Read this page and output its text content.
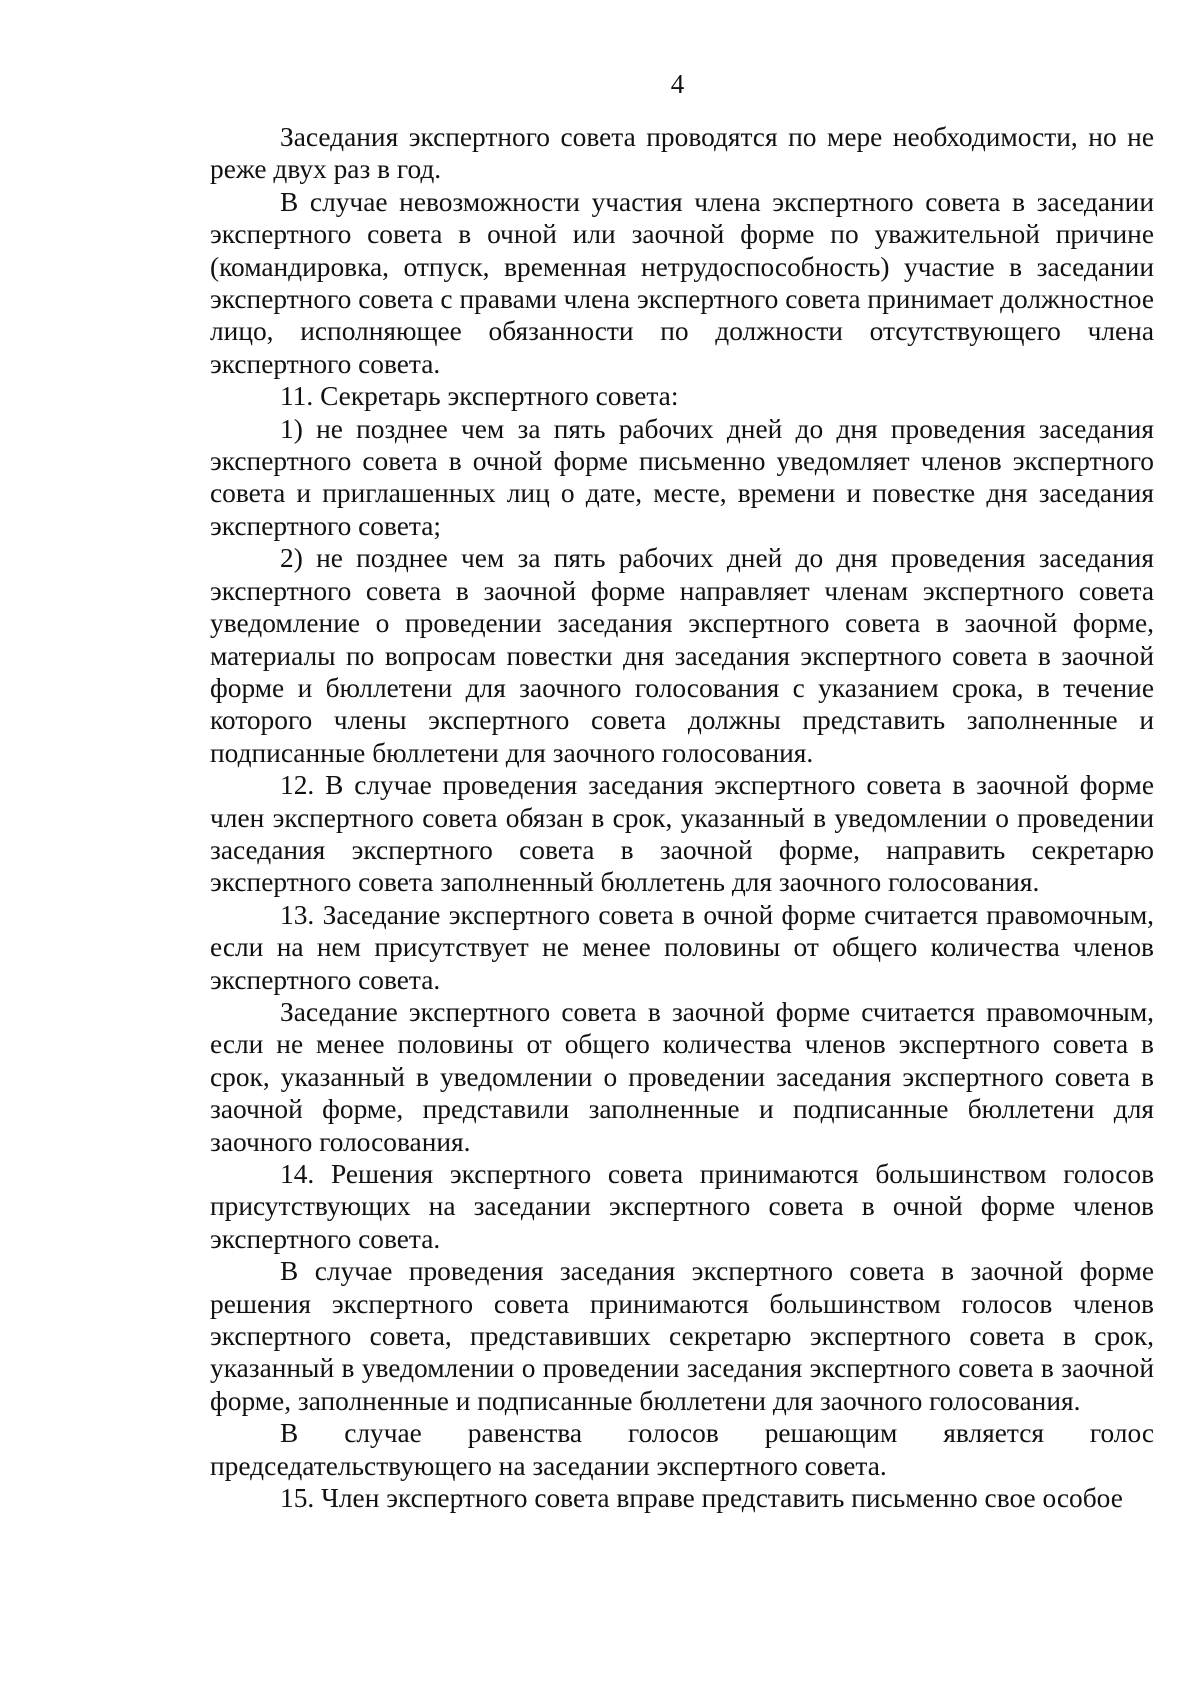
4

Заседания экспертного совета проводятся по мере необходимости, но не реже двух раз в год.

В случае невозможности участия члена экспертного совета в заседании экспертного совета в очной или заочной форме по уважительной причине (командировка, отпуск, временная нетрудоспособность) участие в заседании экспертного совета с правами члена экспертного совета принимает должностное лицо, исполняющее обязанности по должности отсутствующего члена экспертного совета.

11. Секретарь экспертного совета:

1) не позднее чем за пять рабочих дней до дня проведения заседания экспертного совета в очной форме письменно уведомляет членов экспертного совета и приглашенных лиц о дате, месте, времени и повестке дня заседания экспертного совета;

2) не позднее чем за пять рабочих дней до дня проведения заседания экспертного совета в заочной форме направляет членам экспертного совета уведомление о проведении заседания экспертного совета в заочной форме, материалы по вопросам повестки дня заседания экспертного совета в заочной форме и бюллетени для заочного голосования с указанием срока, в течение которого члены экспертного совета должны представить заполненные и подписанные бюллетени для заочного голосования.

12. В случае проведения заседания экспертного совета в заочной форме член экспертного совета обязан в срок, указанный в уведомлении о проведении заседания экспертного совета в заочной форме, направить секретарю экспертного совета заполненный бюллетень для заочного голосования.

13. Заседание экспертного совета в очной форме считается правомочным, если на нем присутствует не менее половины от общего количества членов экспертного совета.

Заседание экспертного совета в заочной форме считается правомочным, если не менее половины от общего количества членов экспертного совета в срок, указанный в уведомлении о проведении заседания экспертного совета в заочной форме, представили заполненные и подписанные бюллетени для заочного голосования.

14. Решения экспертного совета принимаются большинством голосов присутствующих на заседании экспертного совета в очной форме членов экспертного совета.

В случае проведения заседания экспертного совета в заочной форме решения экспертного совета принимаются большинством голосов членов экспертного совета, представивших секретарю экспертного совета в срок, указанный в уведомлении о проведении заседания экспертного совета в заочной форме, заполненные и подписанные бюллетени для заочного голосования.

В случае равенства голосов решающим является голос председательствующего на заседании экспертного совета.

15. Член экспертного совета вправе представить письменно свое особое
